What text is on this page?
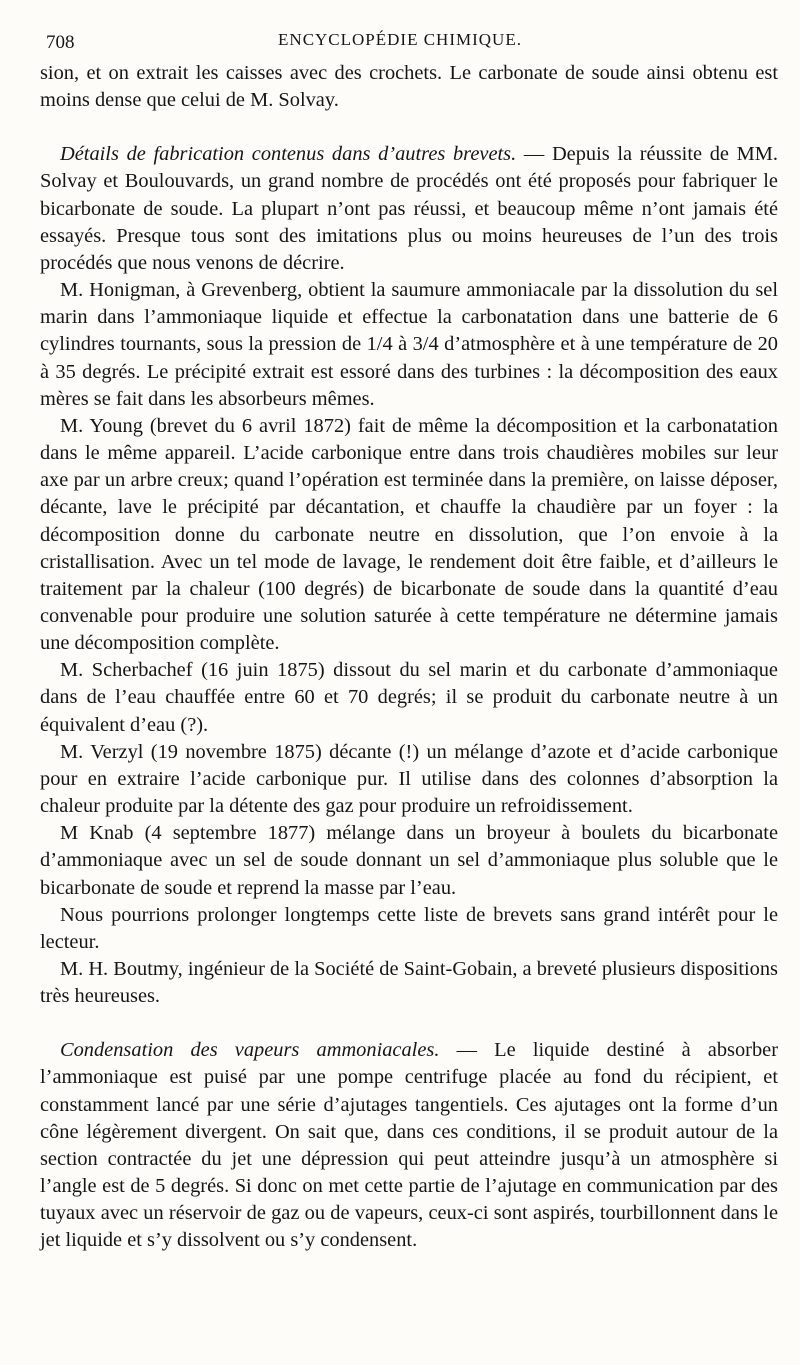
708	ENCYCLOPÉDIE CHIMIQUE.

sion, et on extrait les caisses avec des crochets. Le carbonate de soude ainsi obtenu est moins dense que celui de M. Solvay.

Détails de fabrication contenus dans d’autres brevets. — Depuis la réussite de MM. Solvay et Boulouvards, un grand nombre de procédés ont été proposés pour fabriquer le bicarbonate de soude. La plupart n’ont pas réussi, et beaucoup même n’ont jamais été essayés. Presque tous sont des imitations plus ou moins heureuses de l’un des trois procédés que nous venons de décrire.

M. Honigman, à Grevenberg, obtient la saumure ammoniacale par la dissolution du sel marin dans l’ammoniaque liquide et effectue la carbonatation dans une batterie de 6 cylindres tournants, sous la pression de 1/4 à 3/4 d’atmosphère et à une température de 20 à 35 degrés. Le précipité extrait est essoré dans des turbines : la décomposition des eaux mères se fait dans les absorbeurs mêmes.

M. Young (brevet du 6 avril 1872) fait de même la décomposition et la carbonatation dans le même appareil. L’acide carbonique entre dans trois chaudières mobiles sur leur axe par un arbre creux; quand l’opération est terminée dans la première, on laisse déposer, décante, lave le précipité par décantation, et chauffe la chaudière par un foyer : la décomposition donne du carbonate neutre en dissolution, que l’on envoie à la cristallisation. Avec un tel mode de lavage, le rendement doit être faible, et d’ailleurs le traitement par la chaleur (100 degrés) de bicarbonate de soude dans la quantité d’eau convenable pour produire une solution saturée à cette température ne détermine jamais une décomposition complète.

M. Scherbachef (16 juin 1875) dissout du sel marin et du carbonate d’ammoniaque dans de l’eau chauffée entre 60 et 70 degrés; il se produit du carbonate neutre à un équivalent d’eau (?).

M. Verzyl (19 novembre 1875) décante (!) un mélange d’azote et d’acide carbonique pour en extraire l’acide carbonique pur. Il utilise dans des colonnes d’absorption la chaleur produite par la détente des gaz pour produire un refroidissement.

M Knab (4 septembre 1877) mélange dans un broyeur à boulets du bicarbonate d’ammoniaque avec un sel de soude donnant un sel d’ammoniaque plus soluble que le bicarbonate de soude et reprend la masse par l’eau.

Nous pourrions prolonger longtemps cette liste de brevets sans grand intérêt pour le lecteur.

M. H. Boutmy, ingénieur de la Société de Saint-Gobain, a breveté plusieurs dispositions très heureuses.

Condensation des vapeurs ammoniacales. — Le liquide destiné à absorber l’ammoniaque est puisé par une pompe centrifuge placée au fond du récipient, et constamment lancé par une série d’ajutages tangentiels. Ces ajutages ont la forme d’un cône légèrement divergent. On sait que, dans ces conditions, il se produit autour de la section contractée du jet une dépression qui peut atteindre jusqu’à un atmosphère si l’angle est de 5 degrés. Si donc on met cette partie de l’ajutage en communication par des tuyaux avec un réservoir de gaz ou de vapeurs, ceux-ci sont aspirés, tourbillonnent dans le jet liquide et s’y dissolvent ou s’y condensent.
